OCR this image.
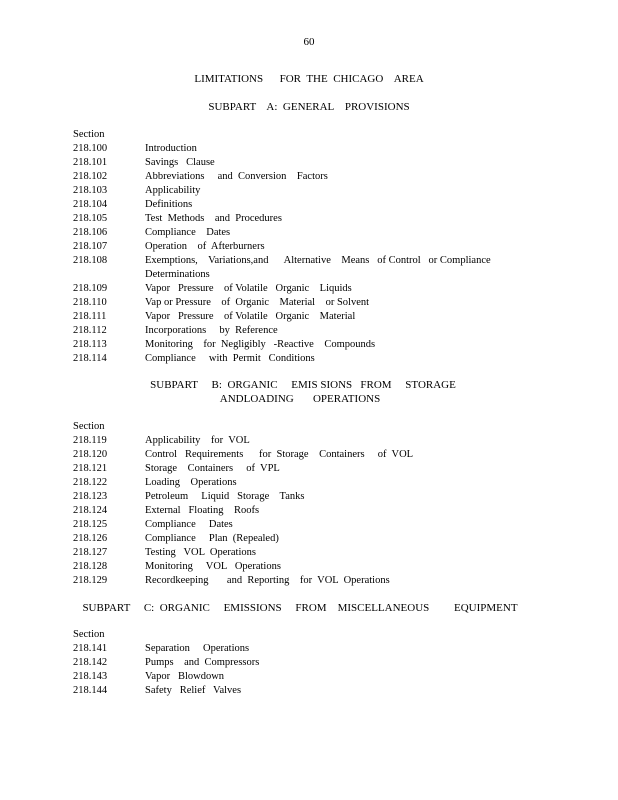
60
LIMITATIONS      FOR  THE  CHICAGO    AREA
SUBPART    A:  GENERAL    PROVISIONS
Section
218.100	Introduction
218.101	Savings   Clause
218.102	Abbreviations     and  Conversion    Factors
218.103	Applicability
218.104	Definitions
218.105	Test  Methods    and  Procedures
218.106	Compliance    Dates
218.107	Operation    of  Afterburners
218.108	Exemptions,    Variations,and      Alternative    Means   of Control   or Compliance Determinations
218.109	Vapor   Pressure    of Volatile   Organic    Liquids
218.110	Vap or Pressure    of  Organic    Material    or Solvent
218.111	Vapor   Pressure    of Volatile   Organic    Material
218.112	Incorporations     by  Reference
218.113	Monitoring    for  Negligibly   -Reactive    Compounds
218.114	Compliance     with  Permit   Conditions
SUBPART     B:  ORGANIC     EMIS SIONS   FROM     STORAGE
ANDLOADING       OPERATIONS
Section
218.119	Applicability    for  VOL
218.120	Control   Requirements      for  Storage    Containers     of  VOL
218.121	Storage    Containers     of  VPL
218.122	Loading    Operations
218.123	Petroleum     Liquid   Storage    Tanks
218.124	External   Floating    Roofs
218.125	Compliance     Dates
218.126	Compliance     Plan  (Repealed)
218.127	Testing   VOL  Operations
218.128	Monitoring     VOL   Operations
218.129	Recordkeeping       and  Reporting    for  VOL  Operations
SUBPART     C:  ORGANIC     EMISSIONS     FROM    MISCELLANEOUS         EQUIPMENT
Section
218.141	Separation     Operations
218.142	Pumps    and  Compressors
218.143	Vapor   Blowdown
218.144	Safety   Relief   Valves
